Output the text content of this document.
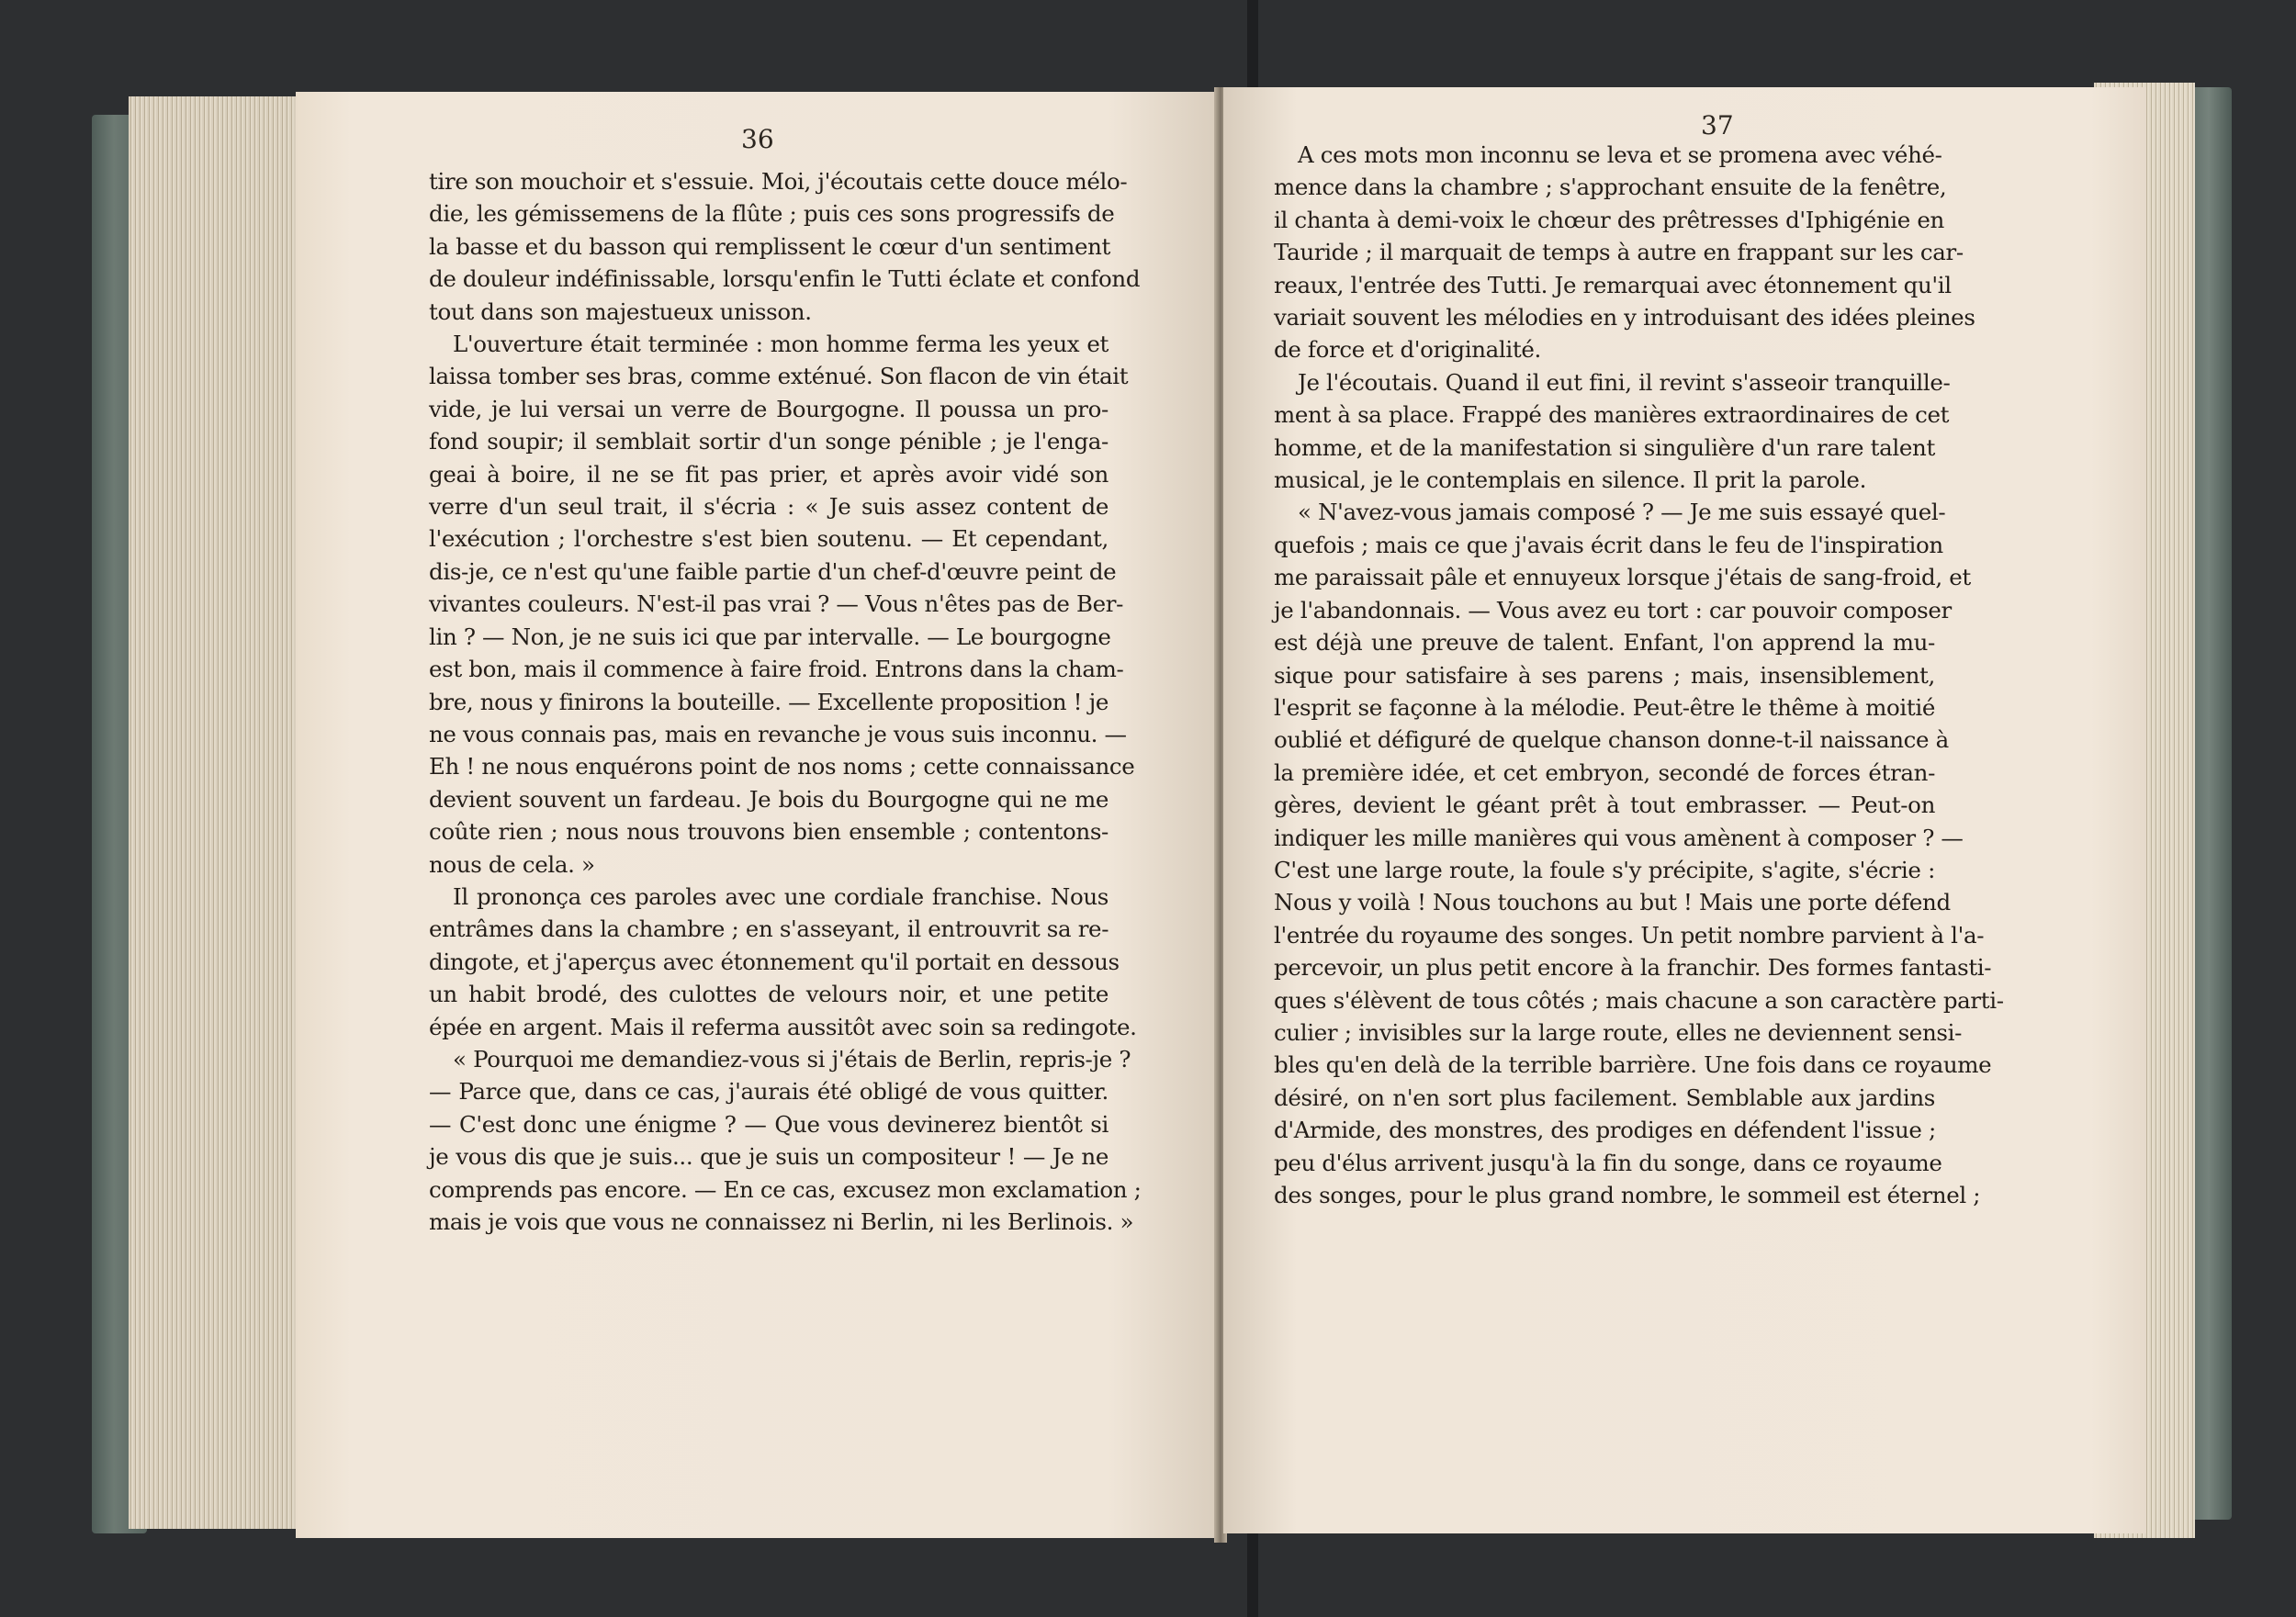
36
tire son mouchoir et s'essuie. Moi, j'écoutais cette douce mélo-
die, les gémissemens de la flûte ; puis ces sons progressifs de
la basse et du basson qui remplissent le cœur d'un sentiment
de douleur indéfinissable, lorsqu'enfin le Tutti éclate et confond
tout dans son majestueux unisson.
L'ouverture était terminée : mon homme ferma les yeux et
laissa tomber ses bras, comme exténué. Son flacon de vin était
vide, je lui versai un verre de Bourgogne. Il poussa un pro-
fond soupir; il semblait sortir d'un songe pénible ; je l'enga-
geai à boire, il ne se fit pas prier, et après avoir vidé son
verre d'un seul trait, il s'écria : « Je suis assez content de
l'exécution ; l'orchestre s'est bien soutenu. — Et cependant,
dis-je, ce n'est qu'une faible partie d'un chef-d'œuvre peint de
vivantes couleurs. N'est-il pas vrai ? — Vous n'êtes pas de Ber-
lin ? — Non, je ne suis ici que par intervalle. — Le bourgogne
est bon, mais il commence à faire froid. Entrons dans la cham-
bre, nous y finirons la bouteille. — Excellente proposition ! je
ne vous connais pas, mais en revanche je vous suis inconnu. —
Eh ! ne nous enquérons point de nos noms ; cette connaissance
devient souvent un fardeau. Je bois du Bourgogne qui ne me
coûte rien ; nous nous trouvons bien ensemble ; contentons-
nous de cela. »
Il prononça ces paroles avec une cordiale franchise. Nous
entrâmes dans la chambre ; en s'asseyant, il entrouvrit sa re-
dingote, et j'aperçus avec étonnement qu'il portait en dessous
un habit brodé, des culottes de velours noir, et une petite
épée en argent. Mais il referma aussitôt avec soin sa redingote.
« Pourquoi me demandiez-vous si j'étais de Berlin, repris-je ?
— Parce que, dans ce cas, j'aurais été obligé de vous quitter.
— C'est donc une énigme ? — Que vous devinerez bientôt si
je vous dis que je suis... que je suis un compositeur ! — Je ne
comprends pas encore. — En ce cas, excusez mon exclamation ;
mais je vois que vous ne connaissez ni Berlin, ni les Berlinois. »
37
A ces mots mon inconnu se leva et se promena avec véhé-
mence dans la chambre ; s'approchant ensuite de la fenêtre,
il chanta à demi-voix le chœur des prêtresses d'Iphigénie en
Tauride ; il marquait de temps à autre en frappant sur les car-
reaux, l'entrée des Tutti. Je remarquai avec étonnement qu'il
variait souvent les mélodies en y introduisant des idées pleines
de force et d'originalité.
Je l'écoutais. Quand il eut fini, il revint s'asseoir tranquille-
ment à sa place. Frappé des manières extraordinaires de cet
homme, et de la manifestation si singulière d'un rare talent
musical, je le contemplais en silence. Il prit la parole.
« N'avez-vous jamais composé ? — Je me suis essayé quel-
quefois ; mais ce que j'avais écrit dans le feu de l'inspiration
me paraissait pâle et ennuyeux lorsque j'étais de sang-froid, et
je l'abandonnais. — Vous avez eu tort : car pouvoir composer
est déjà une preuve de talent. Enfant, l'on apprend la mu-
sique pour satisfaire à ses parens ; mais, insensiblement,
l'esprit se façonne à la mélodie. Peut-être le thême à moitié
oublié et défiguré de quelque chanson donne-t-il naissance à
la première idée, et cet embryon, secondé de forces étran-
gères, devient le géant prêt à tout embrasser. — Peut-on
indiquer les mille manières qui vous amènent à composer ? —
C'est une large route, la foule s'y précipite, s'agite, s'écrie :
Nous y voilà ! Nous touchons au but ! Mais une porte défend
l'entrée du royaume des songes. Un petit nombre parvient à l'a-
percevoir, un plus petit encore à la franchir. Des formes fantasti-
ques s'élèvent de tous côtés ; mais chacune a son caractère parti-
culier ; invisibles sur la large route, elles ne deviennent sensi-
bles qu'en delà de la terrible barrière. Une fois dans ce royaume
désiré, on n'en sort plus facilement. Semblable aux jardins
d'Armide, des monstres, des prodiges en défendent l'issue ;
peu d'élus arrivent jusqu'à la fin du songe, dans ce royaume
des songes, pour le plus grand nombre, le sommeil est éternel ;
